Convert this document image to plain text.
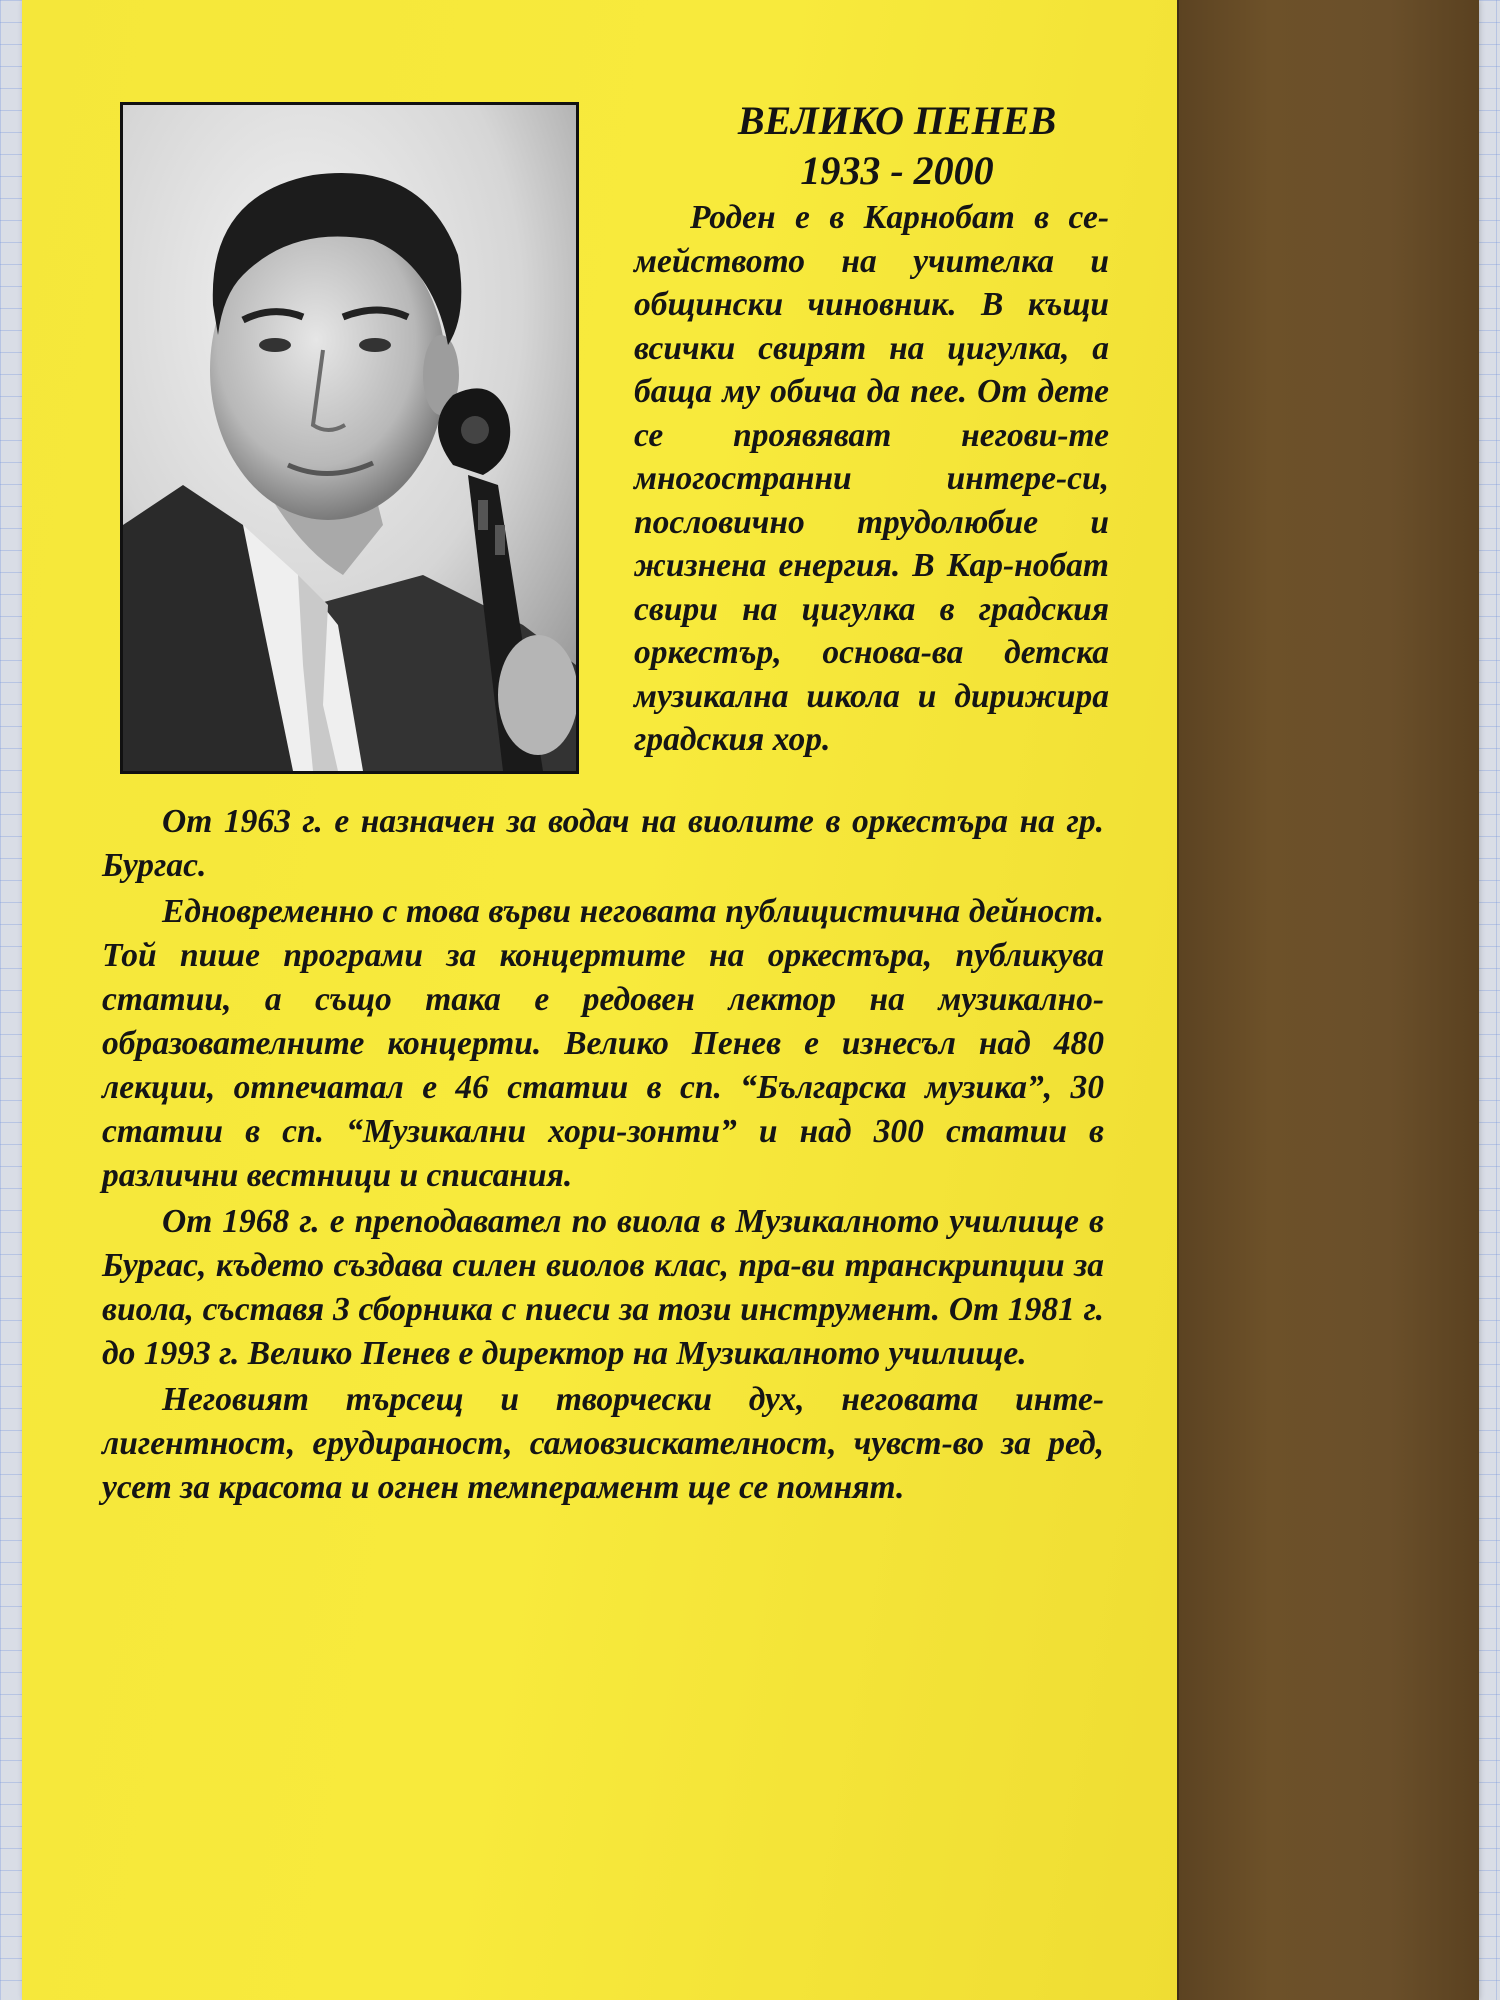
ВЕЛИКО ПЕНЕВ
1933 - 2000

Роден е в Карнобат в се-мейството на учителка и общински чиновник. В къщи всички свирят на цигулка, а баща му обича да пее. От дете се проявяват негови-те многостранни интере-си, пословично трудолюбие и жизнена енергия. В Кар-нобат свири на цигулка в градския оркестър, основа-ва детска музикална школа и дирижира градския хор.

От 1963 г. е назначен за водач на виолите в оркестъра на гр. Бургас.

Едновременно с това върви неговата публицистична дейност. Той пише програми за концертите на оркестъра, публикува статии, а също така е редовен лектор на музикално-образователните концерти. Велико Пенев е изнесъл над 480 лекции, отпечатал е 46 статии в сп. “Българска музика”, 30 статии в сп. “Музикални хори-зонти” и над 300 статии в различни вестници и списания.

От 1968 г. е преподавател по виола в Музикалното училище в Бургас, където създава силен виолов клас, пра-ви транскрипции за виола, съставя 3 сборника с пиеси за този инструмент. От 1981 г. до 1993 г. Велико Пенев е директор на Музикалното училище.

Неговият търсещ и творчески дух, неговата инте-лигентност, ерудираност, самовзискателност, чувст-во за ред, усет за красота и огнен темперамент ще се помнят.
